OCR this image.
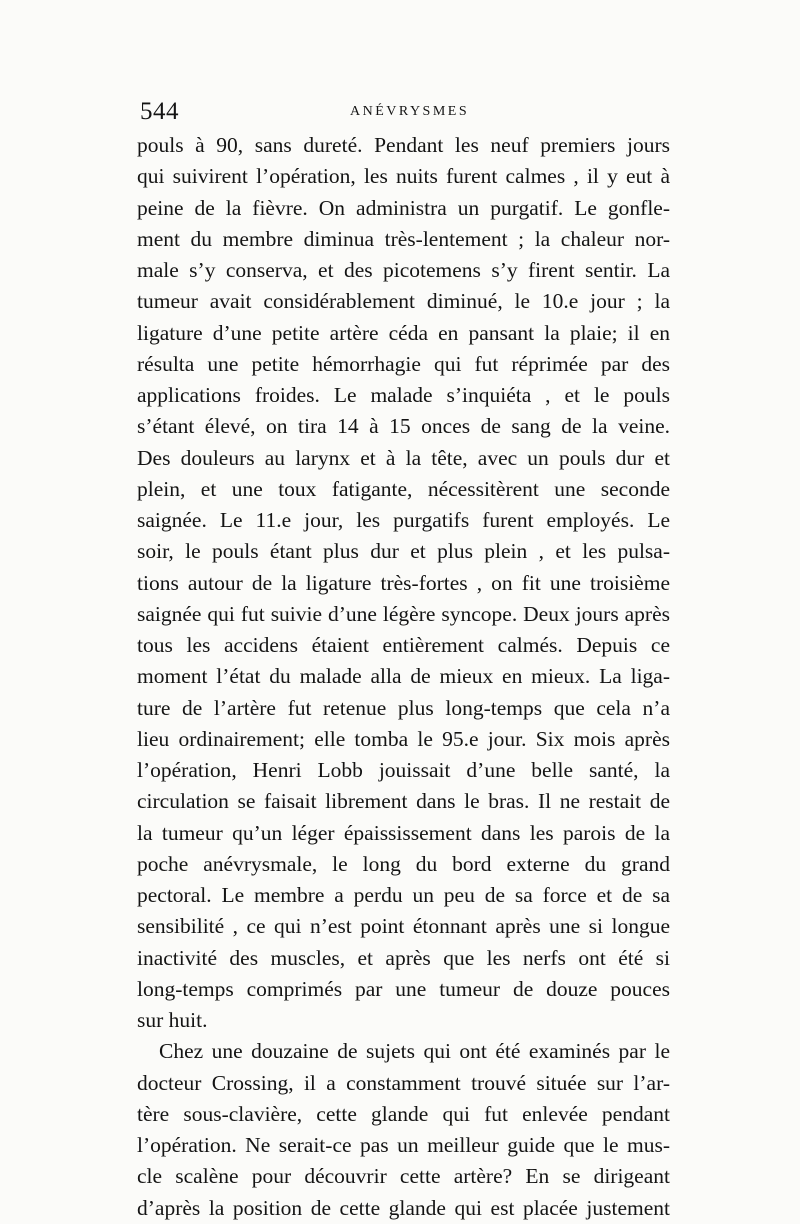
544	ANÉVRYSMES
pouls à 90, sans dureté. Pendant les neuf premiers jours
qui suivirent l’opération, les nuits furent calmes , il y eut à
peine de la fièvre. On administra un purgatif. Le gonfle-
ment du membre diminua très-lentement ; la chaleur nor-
male s’y conserva, et des picotemens s’y firent sentir. La
tumeur avait considérablement diminué, le 10.e jour ; la
ligature d’une petite artère céda en pansant la plaie; il en
résulta une petite hémorrhagie qui fut réprimée par des
applications froides. Le malade s’inquiéta , et le pouls
s’étant élevé, on tira 14 à 15 onces de sang de la veine.
Des douleurs au larynx et à la tête, avec un pouls dur et
plein, et une toux fatigante, nécessitèrent une seconde
saignée. Le 11.e jour, les purgatifs furent employés. Le
soir, le pouls étant plus dur et plus plein , et les pulsa-
tions autour de la ligature très-fortes , on fit une troisième
saignée qui fut suivie d’une légère syncope. Deux jours après
tous les accidens étaient entièrement calmés. Depuis ce
moment l’état du malade alla de mieux en mieux. La liga-
ture de l’artère fut retenue plus long-temps que cela n’a
lieu ordinairement; elle tomba le 95.e jour. Six mois après
l’opération, Henri Lobb jouissait d’une belle santé, la
circulation se faisait librement dans le bras. Il ne restait de
la tumeur qu’un léger épaississement dans les parois de la
poche anévrysmale, le long du bord externe du grand
pectoral. Le membre a perdu un peu de sa force et de sa
sensibilité , ce qui n’est point étonnant après une si longue
inactivité des muscles, et après que les nerfs ont été si
long-temps comprimés par une tumeur de douze pouces
sur huit.
Chez une douzaine de sujets qui ont été examinés par le
docteur Crossing, il a constamment trouvé située sur l’ar-
tère sous-clavière, cette glande qui fut enlevée pendant
l’opération. Ne serait-ce pas un meilleur guide que le mus-
cle scalène pour découvrir cette artère? En se dirigeant
d’après la position de cette glande qui est placée justement
